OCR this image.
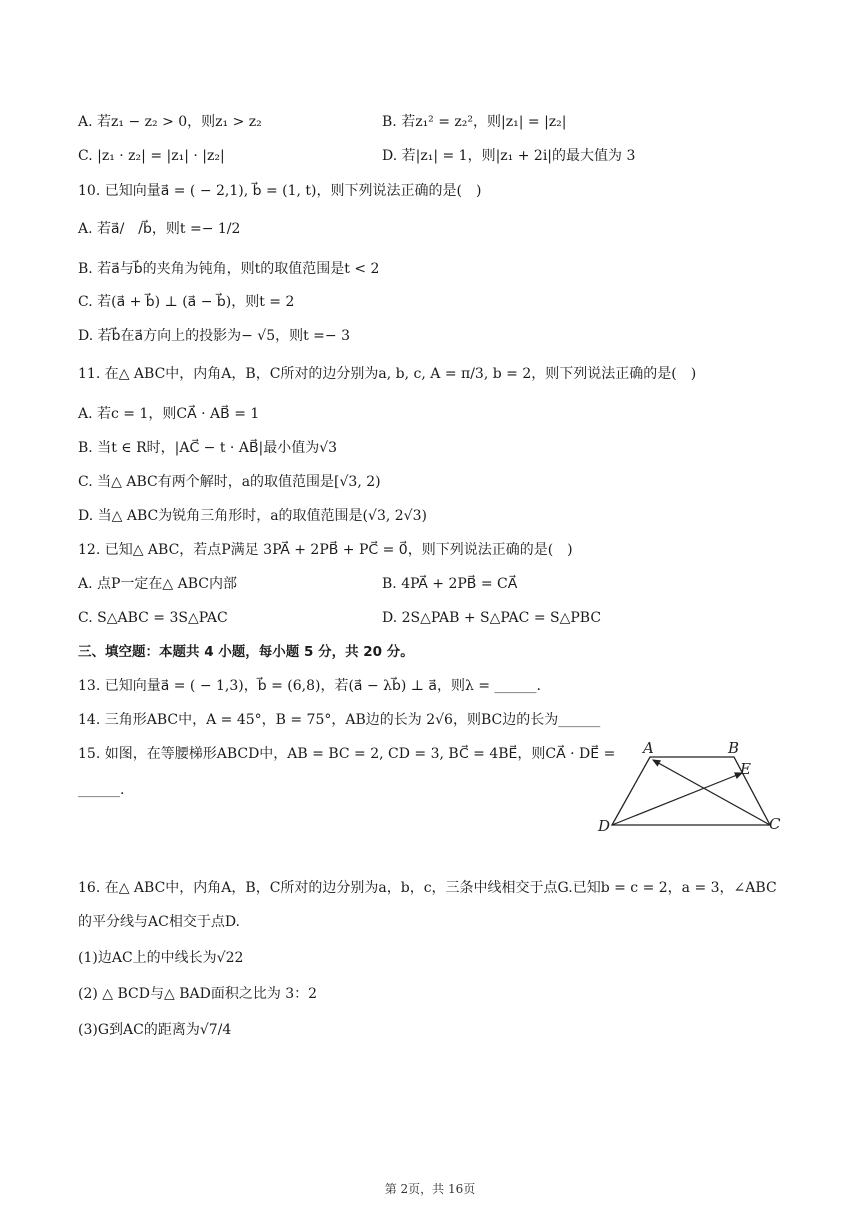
A. 若z₁ − z₂ > 0，则z₁ > z₂	B. 若z₁² = z₂²，则|z₁| = |z₂|
C. |z₁ · z₂| = |z₁| · |z₂|	D. 若|z₁| = 1，则|z₁ + 2i|的最大值为 3
10. 已知向量a⃗ = ( − 2,1), b⃗ = (1, t)，则下列说法正确的是(　)
A. 若a⃗/　/b⃗，则t =− 1/2
B. 若a⃗与b⃗的夹角为钝角，则t的取值范围是t < 2
C. 若(a⃗ + b⃗) ⊥ (a⃗ − b⃗)，则t = 2
D. 若b⃗在a⃗方向上的投影为− √5，则t =− 3
11. 在△ ABC中，内角A，B，C所对的边分别为a, b, c, A = π/3, b = 2，则下列说法正确的是(　)
A. 若c = 1，则CA⃗ · AB⃗ = 1
B. 当t ∈ R时，|AC⃗ − t · AB⃗|最小值为√3
C. 当△ ABC有两个解时，a的取值范围是[√3, 2)
D. 当△ ABC为锐角三角形时，a的取值范围是(√3, 2√3)
12. 已知△ ABC，若点P满足 3PA⃗ + 2PB⃗ + PC⃗ = 0⃗，则下列说法正确的是(　)
A. 点P一定在△ ABC内部	B. 4PA⃗ + 2PB⃗ = CA⃗
C. S△ABC = 3S△PAC	D. 2S△PAB + S△PAC = S△PBC
三、填空题：本题共 4 小题，每小题 5 分，共 20 分。
13. 已知向量a⃗ = ( − 1,3)，b⃗ = (6,8)，若(a⃗ − λb⃗) ⊥ a⃗，则λ = ______.
14. 三角形ABC中，A = 45°，B = 75°，AB边的长为 2√6，则BC边的长为______
15. 如图，在等腰梯形ABCD中，AB = BC = 2, CD = 3, BC⃗ = 4BE⃗，则CA⃗ · DE⃗ =
______.
A	B
E
C
D
16. 在△ ABC中，内角A，B，C所对的边分别为a，b，c，三条中线相交于点G.已知b = c = 2，a = 3，∠ABC
的平分线与AC相交于点D.
(1)边AC上的中线长为√22
(2) △ BCD与△ BAD面积之比为 3：2
(3)G到AC的距离为√7/4
第 2页，共 16页
